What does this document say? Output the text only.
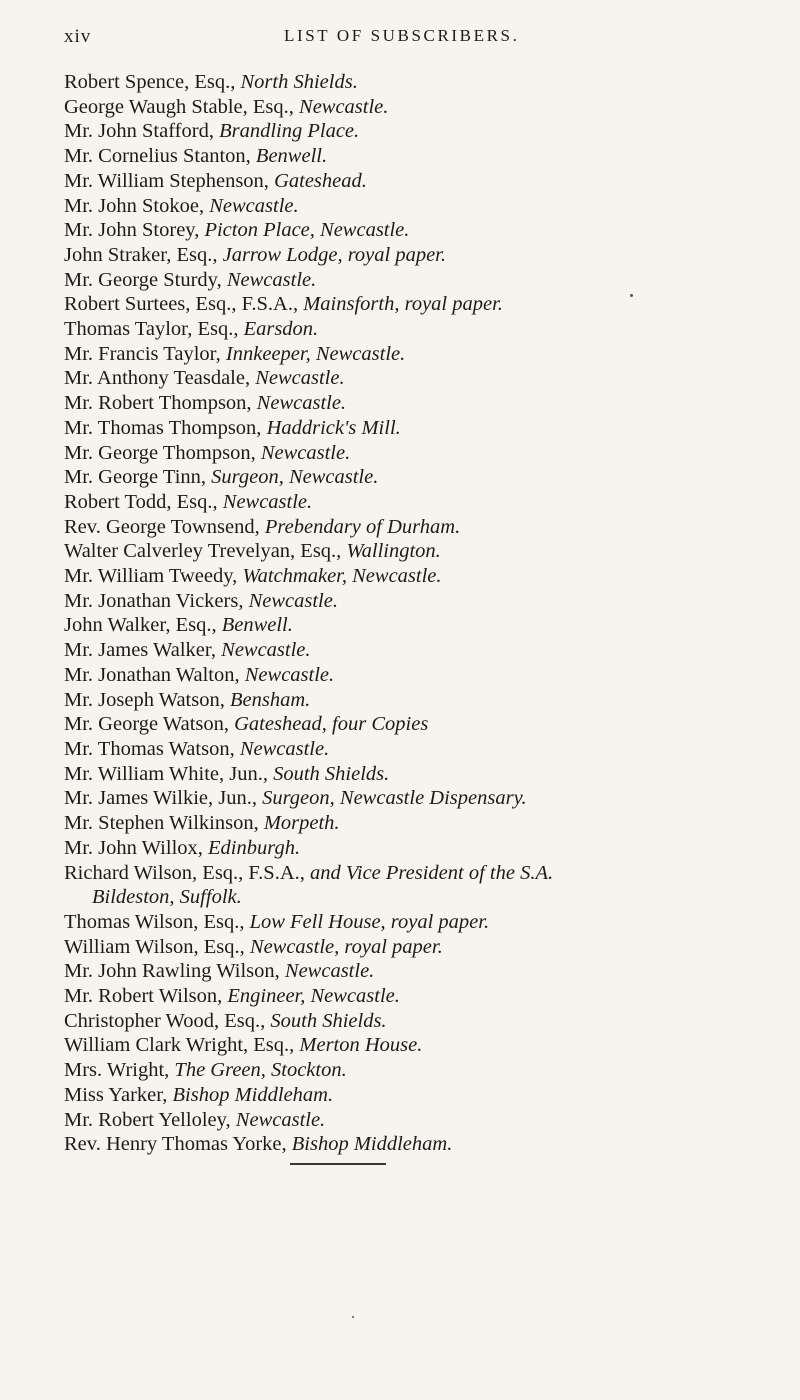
xiv	LIST OF SUBSCRIBERS.
Robert Spence, Esq., North Shields.
George Waugh Stable, Esq., Newcastle.
Mr. John Stafford, Brandling Place.
Mr. Cornelius Stanton, Benwell.
Mr. William Stephenson, Gateshead.
Mr. John Stokoe, Newcastle.
Mr. John Storey, Picton Place, Newcastle.
John Straker, Esq., Jarrow Lodge, royal paper.
Mr. George Sturdy, Newcastle.
Robert Surtees, Esq., F.S.A., Mainsforth, royal paper.
Thomas Taylor, Esq., Earsdon.
Mr. Francis Taylor, Innkeeper, Newcastle.
Mr. Anthony Teasdale, Newcastle.
Mr. Robert Thompson, Newcastle.
Mr. Thomas Thompson, Haddrick's Mill.
Mr. George Thompson, Newcastle.
Mr. George Tinn, Surgeon, Newcastle.
Robert Todd, Esq., Newcastle.
Rev. George Townsend, Prebendary of Durham.
Walter Calverley Trevelyan, Esq., Wallington.
Mr. William Tweedy, Watchmaker, Newcastle.
Mr. Jonathan Vickers, Newcastle.
John Walker, Esq., Benwell.
Mr. James Walker, Newcastle.
Mr. Jonathan Walton, Newcastle.
Mr. Joseph Watson, Bensham.
Mr. George Watson, Gateshead, four Copies
Mr. Thomas Watson, Newcastle.
Mr. William White, Jun., South Shields.
Mr. James Wilkie, Jun., Surgeon, Newcastle Dispensary.
Mr. Stephen Wilkinson, Morpeth.
Mr. John Willox, Edinburgh.
Richard Wilson, Esq., F.S.A., and Vice President of the S.A.
Bildeston, Suffolk.
Thomas Wilson, Esq., Low Fell House, royal paper.
William Wilson, Esq., Newcastle, royal paper.
Mr. John Rawling Wilson, Newcastle.
Mr. Robert Wilson, Engineer, Newcastle.
Christopher Wood, Esq., South Shields.
William Clark Wright, Esq., Merton House.
Mrs. Wright, The Green, Stockton.
Miss Yarker, Bishop Middleham.
Mr. Robert Yelloley, Newcastle.
Rev. Henry Thomas Yorke, Bishop Middleham.
